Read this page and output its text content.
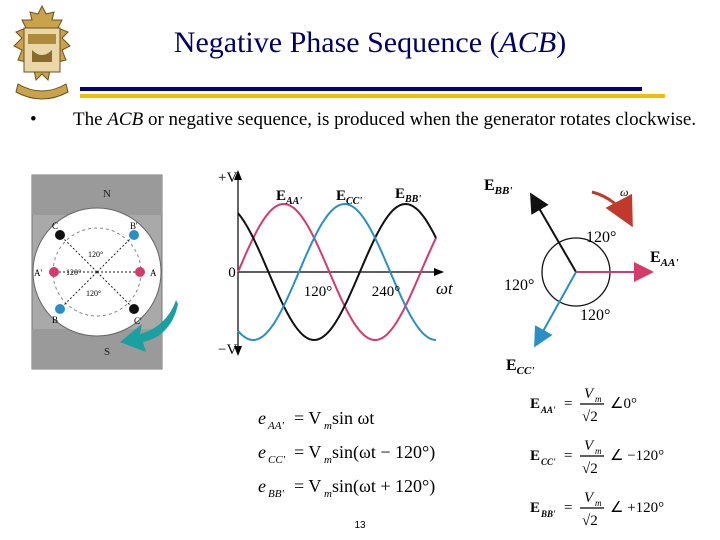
Negative Phase Sequence (ACB)
• The ACB or negative sequence, is produced when the generator rotates clockwise.
N
S
A
A'
B
B'
C
C'
120°
120°
120°
+V
0
−V
ωt
120°	240°
$E_{AA'}$ $E_{CC'}$ $E_{BB'}$
ω
$E_{BB'}$
$E_{AA'}$
$E_{CC'}$
120°
120°
120°
e AA' = V m sin ωt
e CC' = V m sin(ωt − 120°)
e BB' = V m sin(ωt + 120°)
E AA' =
V m
√2
∠0°
E CC' =
V m
√2
∠ −120°
E BB' =
V m
√2
∠ +120°
13
